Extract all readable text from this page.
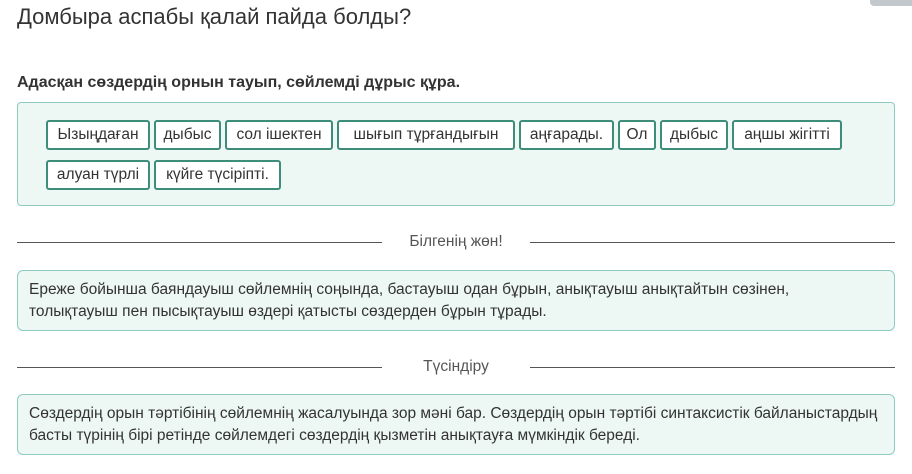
Домбыра аспабы қалай пайда болды?
Адасқан сөздердің орнын тауып, сөйлемді дұрыс құра.
Ызыңдаған	дыбыс	сол ішектен	шығып тұрғандығын	аңғарады.	Ол	дыбыс	аңшы жігітті
алуан түрлі	күйге түсіріпті.
Білгенің жөн!
Ереже бойынша баяндауыш сөйлемнің соңында, бастауыш одан бұрын, анықтауыш анықтайтын сөзінен, толықтауыш пен пысықтауыш өздері қатысты сөздерден бұрын тұрады.
Түсіндіру
Сөздердің орын тәртібінің сөйлемнің жасалуында зор мәні бар. Сөздердің орын тәртібі синтаксистік байланыстардың басты түрінің бірі ретінде сөйлемдегі сөздердің қызметін анықтауға мүмкіндік береді.
